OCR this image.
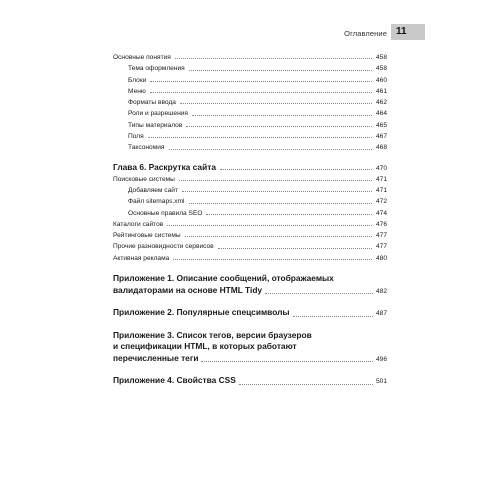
Оглавление 11
Основные понятия	458
Тема оформления	458
Блоки	460
Меню	461
Форматы ввода	462
Роли и разрешения	464
Типы материалов	465
Поля	467
Таксономия	468
Глава 6. Раскрутка сайта	470
Поисковые системы	471
Добавляем сайт	471
Файл sitemaps.xml	472
Основные правила SEO	474
Каталоги сайтов	476
Рейтинговые системы	477
Прочие разновидности сервисов	477
Активная реклама	480
Приложение 1. Описание сообщений, отображаемых
валидаторами на основе HTML Tidy	482
Приложение 2. Популярные спецсимволы	487
Приложение 3. Список тегов, версии браузеров
и спецификации HTML, в которых работают
перечисленные теги	496
Приложение 4. Свойства CSS	501
